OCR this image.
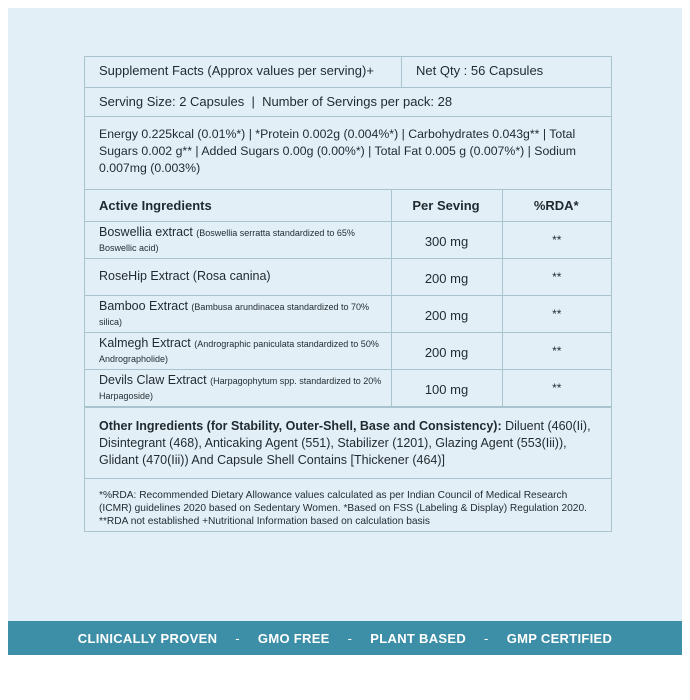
Supplement Facts (Approx values per serving)+	Net Qty : 56 Capsules
Serving Size: 2 Capsules  |  Number of Servings per pack: 28
Energy 0.225kcal (0.01%*) | *Protein 0.002g (0.004%*) | Carbohydrates 0.043g** | Total Sugars 0.002 g** | Added Sugars 0.00g (0.00%*) | Total Fat 0.005 g (0.007%*) | Sodium 0.007mg (0.003%)
Active Ingredients	Per Seving	%RDA*
Boswellia extract (Boswellia serratta standardized to 65% Boswellic acid)	300 mg	**
RoseHip Extract (Rosa canina)	200 mg	**
Bamboo Extract (Bambusa arundinacea standardized to 70% silica)	200 mg	**
Kalmegh Extract (Andrographic paniculata standardized to 50% Andrographolide)	200 mg	**
Devils Claw Extract (Harpagophytum spp. standardized to 20% Harpagoside)	100 mg	**
Other Ingredients (for Stability, Outer-Shell, Base and Consistency): Diluent (460(Ii), Disintegrant (468), Anticaking Agent (551), Stabilizer (1201), Glazing Agent (553(Iii)), Glidant (470(Iii)) And Capsule Shell Contains [Thickener (464)]
*%RDA: Recommended Dietary Allowance values calculated as per Indian Council of Medical Research (ICMR) guidelines 2020 based on Sedentary Women. *Based on FSS (Labeling & Display) Regulation 2020. **RDA not established +Nutritional Information based on calculation basis
CLINICALLY PROVEN - GMO FREE - PLANT BASED - GMP CERTIFIED
